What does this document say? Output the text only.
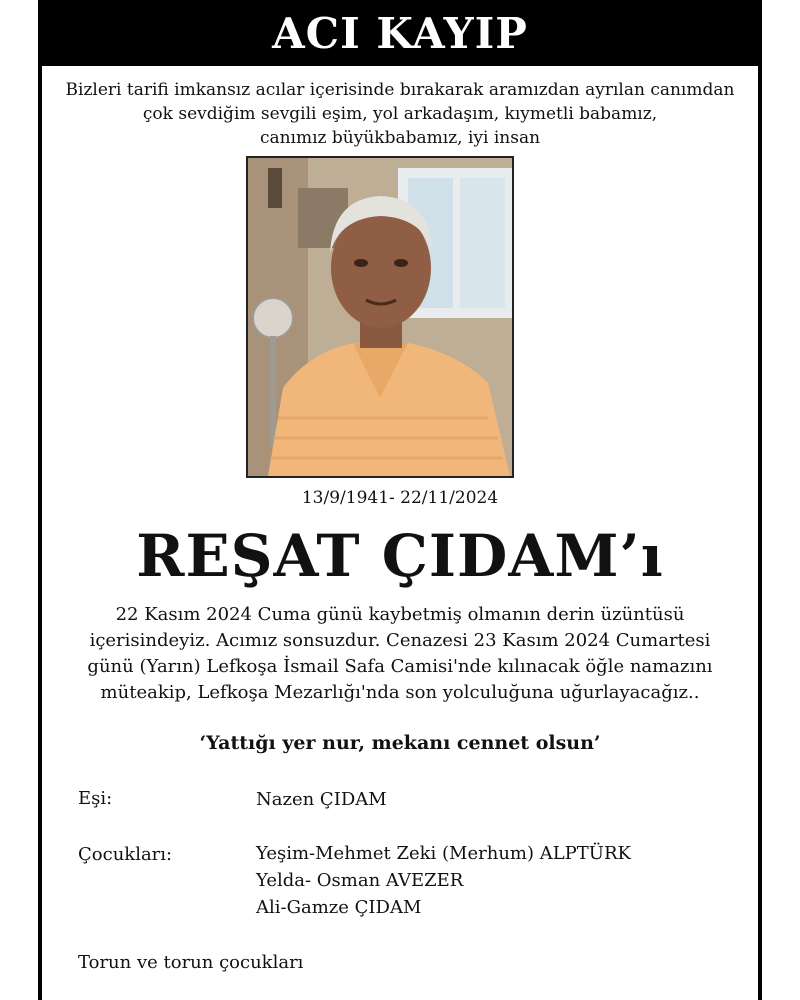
ACI KAYIP
Bizleri tarifi imkansız acılar içerisinde bırakarak aramızdan ayrılan canımdan
çok sevdiğim sevgili eşim, yol arkadaşım, kıymetli babamız,
canımız büyükbabamız, iyi insan
13/9/1941- 22/11/2024
REŞAT ÇIDAM’ı
22 Kasım 2024 Cuma günü kaybetmiş olmanın derin üzüntüsü
içerisindeyiz. Acımız sonsuzdur. Cenazesi 23 Kasım 2024 Cumartesi
günü (Yarın) Lefkoşa İsmail Safa Camisi'nde kılınacak öğle namazını
müteakip, Lefkoşa Mezarlığı'nda son yolculuğuna uğurlayacağız..
‘Yattığı yer nur, mekanı cennet olsun’
Eşi:	Nazen ÇIDAM
Çocukları:	Yeşim-Mehmet Zeki (Merhum) ALPTÜRK
Yelda- Osman AVEZER
Ali-Gamze ÇIDAM
Torun ve torun çocukları
